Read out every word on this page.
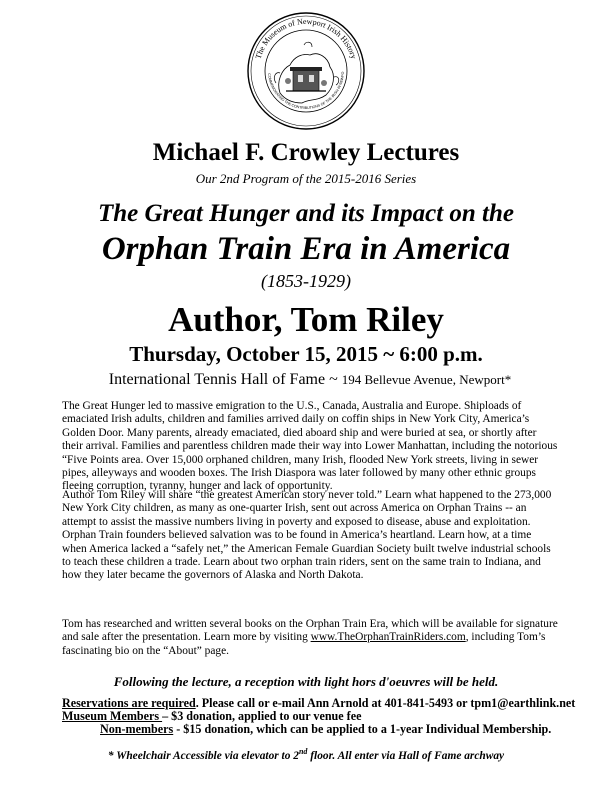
The Museum of Newport Irish History
COMMEMORATING THE CONTRIBUTIONS OF THE IRISH IN NEWPO
Michael F. Crowley Lectures
Our 2nd Program of the 2015-2016 Series
The Great Hunger and its Impact on the
Orphan Train Era in America
(1853-1929)
Author, Tom Riley
Thursday, October 15, 2015 ~ 6:00 p.m.
International Tennis Hall of Fame ~ 194 Bellevue Avenue, Newport*
The Great Hunger led to massive emigration to the U.S., Canada, Australia and Europe. Shiploads of
emaciated Irish adults, children and families arrived daily on coffin ships in New York City, America’s
Golden Door. Many parents, already emaciated, died aboard ship and were buried at sea, or shortly after
their arrival. Families and parentless children made their way into Lower Manhattan, including the notorious
“Five Points area. Over 15,000 orphaned children, many Irish, flooded New York streets, living in sewer
pipes, alleyways and wooden boxes. The Irish Diaspora was later followed by many other ethnic groups
fleeing corruption, tyranny, hunger and lack of opportunity.
Author Tom Riley will share “the greatest American story never told.” Learn what happened to the 273,000
New York City children, as many as one-quarter Irish, sent out across America on Orphan Trains -- an
attempt to assist the massive numbers living in poverty and exposed to disease, abuse and exploitation.
Orphan Train founders believed salvation was to be found in America’s heartland. Learn how, at a time
when America lacked a “safely net,” the American Female Guardian Society built twelve industrial schools
to teach these children a trade. Learn about two orphan train riders, sent on the same train to Indiana, and
how they later became the governors of Alaska and North Dakota.
Tom has researched and written several books on the Orphan Train Era, which will be available for signature
and sale after the presentation. Learn more by visiting www.TheOrphanTrainRiders.com, including Tom’s
fascinating bio on the “About” page.
Following the lecture, a reception with light hors d'oeuvres will be held.
Reservations are required. Please call or e-mail Ann Arnold at 401-841-5493 or tpm1@earthlink.net
Museum Members – $3 donation, applied to our venue fee
Non-members - $15 donation, which can be applied to a 1-year Individual Membership.
* Wheelchair Accessible via elevator to 2nd floor. All enter via Hall of Fame archway
